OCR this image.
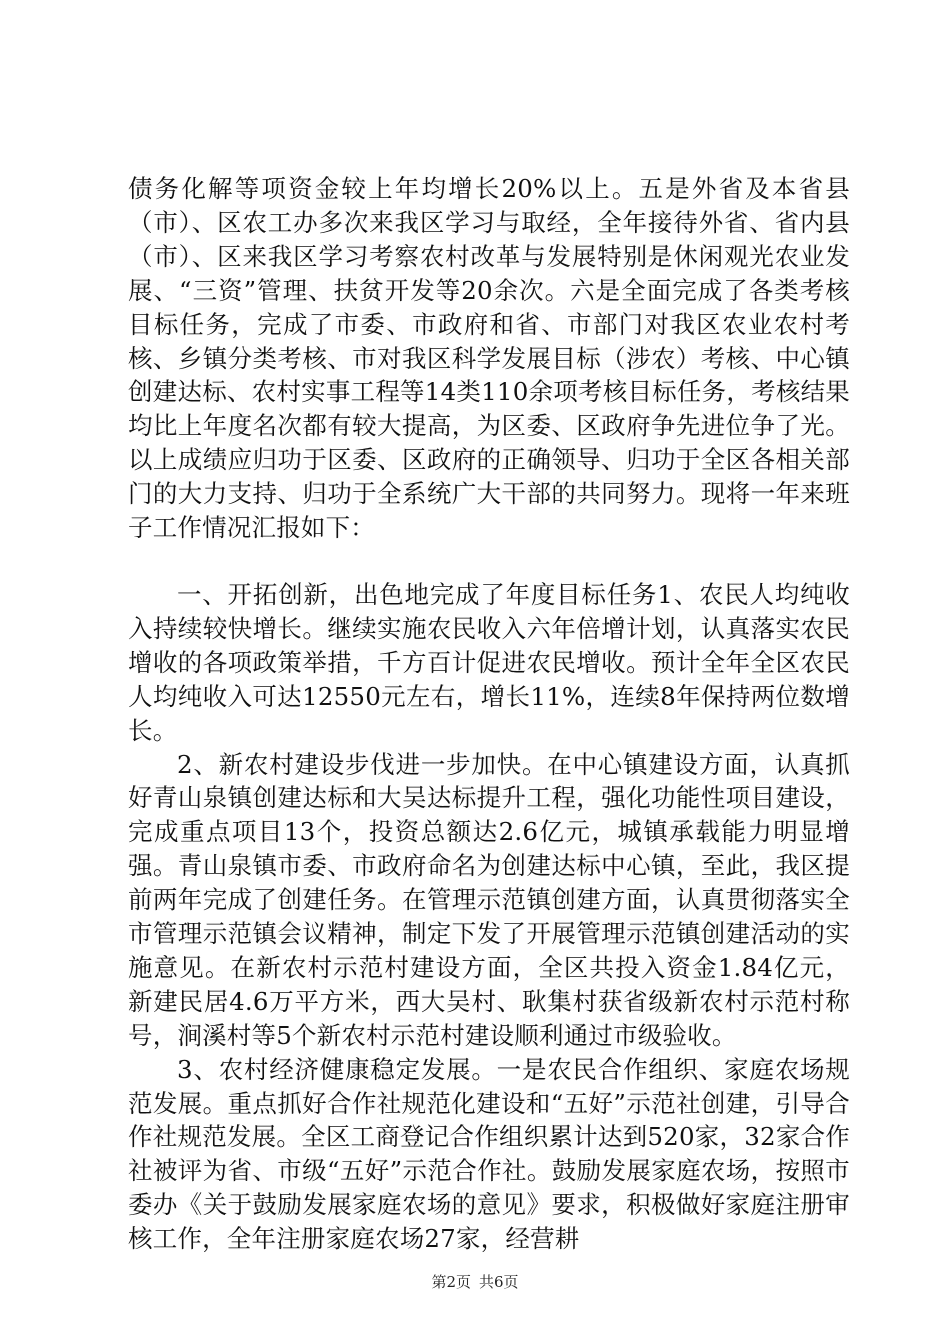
债务化解等项资金较上年均增长20%以上。五是外省及本省县（市）、区农工办多次来我区学习与取经，全年接待外省、省内县（市）、区来我区学习考察农村改革与发展特别是休闲观光农业发展、“三资”管理、扶贫开发等20余次。六是全面完成了各类考核目标任务，完成了市委、市政府和省、市部门对我区农业农村考核、乡镇分类考核、市对我区科学发展目标（涉农）考核、中心镇创建达标、农村实事工程等14类110余项考核目标任务，考核结果均比上年度名次都有较大提高，为区委、区政府争先进位争了光。以上成绩应归功于区委、区政府的正确领导、归功于全区各相关部门的大力支持、归功于全系统广大干部的共同努力。现将一年来班子工作情况汇报如下：

一、开拓创新，出色地完成了年度目标任务1、农民人均纯收入持续较快增长。继续实施农民收入六年倍增计划，认真落实农民增收的各项政策举措，千方百计促进农民增收。预计全年全区农民人均纯收入可达12550元左右，增长11%，连续8年保持两位数增长。

2、新农村建设步伐进一步加快。在中心镇建设方面，认真抓好青山泉镇创建达标和大吴达标提升工程，强化功能性项目建设，完成重点项目13个，投资总额达2.6亿元，城镇承载能力明显增强。青山泉镇市委、市政府命名为创建达标中心镇，至此，我区提前两年完成了创建任务。在管理示范镇创建方面，认真贯彻落实全市管理示范镇会议精神，制定下发了开展管理示范镇创建活动的实施意见。在新农村示范村建设方面，全区共投入资金1.84亿元，新建民居4.6万平方米，西大吴村、耿集村获省级新农村示范村称号，涧溪村等5个新农村示范村建设顺利通过市级验收。

3、农村经济健康稳定发展。一是农民合作组织、家庭农场规范发展。重点抓好合作社规范化建设和“五好”示范社创建，引导合作社规范发展。全区工商登记合作组织累计达到520家，32家合作社被评为省、市级“五好”示范合作社。鼓励发展家庭农场，按照市委办《关于鼓励发展家庭农场的意见》要求，积极做好家庭注册审核工作，全年注册家庭农场27家，经营耕

第2页 共6页
